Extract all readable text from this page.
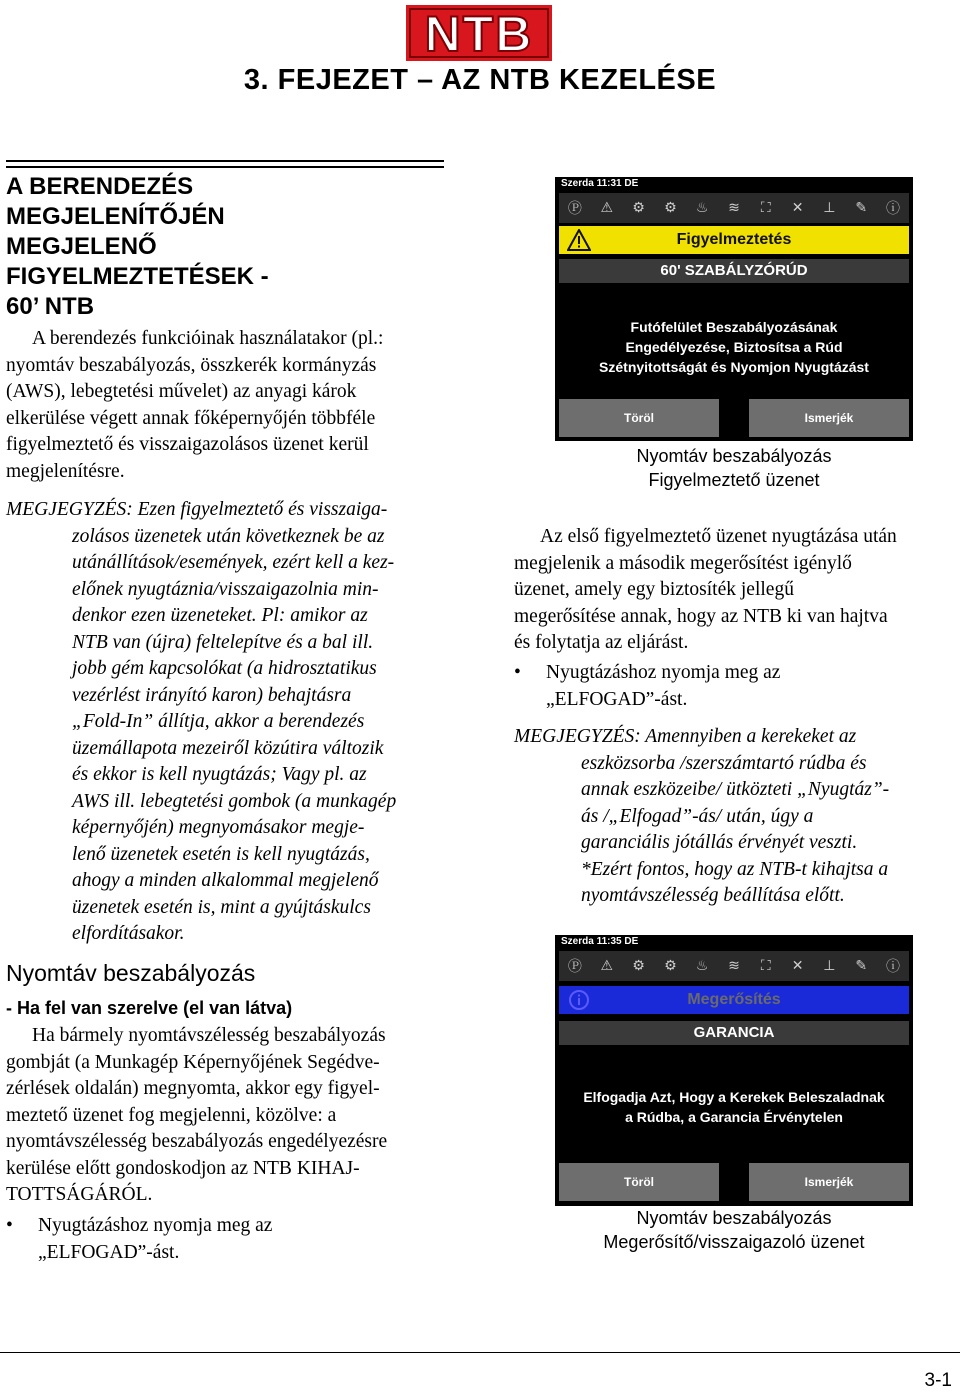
NTB
3. FEJEZET – AZ NTB KEZELÉSE
A BERENDEZÉS
MEGJELENÍTŐJÉN
MEGJELENŐ
FIGYELMEZTETÉSEK -
60’ NTB
A berendezés funkcióinak használatakor (pl.:
nyomtáv beszabályozás, összkerék kormányzás
(AWS), lebegtetési művelet) az anyagi károk
elkerülése végett annak főképernyőjén többféle
figyelmeztető és visszaigazolásos üzenet kerül
megjelenítésre.
MEGJEGYZÉS: Ezen figyelmeztető és visszaiga-
zolásos üzenetek után következnek be az
utánállítások/események, ezért kell a kez-
előnek nyugtáznia/visszaigazolnia min-
denkor ezen üzeneteket. Pl: amikor az
NTB van (újra) feltelepítve és a bal ill.
jobb gém kapcsolókat (a hidrosztatikus
vezérlést irányító karon) behajtásra
„Fold-In” állítja, akkor a berendezés
üzemállapota mezeiről közútira változik
és ekkor is kell nyugtázás; Vagy pl. az
AWS ill. lebegtetési gombok (a munkagép
képernyőjén) megnyomásakor megje-
lenő üzenetek esetén is kell nyugtázás,
ahogy a minden alkalommal megjelenő
üzenetek esetén is, mint a gyújtáskulcs
elfordításakor.
Nyomtáv beszabályozás
- Ha fel van szerelve (el van látva)
Ha bármely nyomtávszélesség beszabályozás
gombját (a Munkagép Képernyőjének Segédve-
zérlések oldalán) megnyomta, akkor egy figyel-
meztető üzenet fog megjelenni, közölve: a
nyomtávszélesség beszabályozás engedélyezésre
kerülése előtt gondoskodjon az NTB KIHAJ-
TOTTSÁGÁRÓL.
• Nyugtázáshoz nyomja meg az
„ELFOGAD”-ást.
Szerda 11:31 DE
Ⓟ	⚠	⚙	⚙	♨	≋	⛶	✕	⊥	✎	ⓘ
Figyelmeztetés
60' SZABÁLYZÓRÚD
Futófelület Beszabályozásának
Engedélyezése, Biztosítsa a Rúd
Szétnyitottságát és Nyomjon Nyugtázást
Töröl	Ismerjék
Nyomtáv beszabályozás
Figyelmeztető üzenet
Az első figyelmeztető üzenet nyugtázása után
megjelenik a második megerősítést igénylő
üzenet, amely egy biztosíték jellegű
megerősítése annak, hogy az NTB ki van hajtva
és folytatja az eljárást.
• Nyugtázáshoz nyomja meg az
„ELFOGAD”-ást.
MEGJEGYZÉS: Amennyiben a kerekeket az
eszközsorba /szerszámtartó rúdba és
annak eszközeibe/ ütközteti „Nyugtáz”-
ás /„Elfogad”-ás/ után, úgy a
garanciális jótállás érvényét veszti.
*Ezért fontos, hogy az NTB-t kihajtsa a
nyomtávszélesség beállítása előtt.
Szerda 11:35 DE
Ⓟ	⚠	⚙	⚙	♨	≋	⛶	✕	⊥	✎	ⓘ
Megerősítés
GARANCIA
Elfogadja Azt, Hogy a Kerekek Beleszaladnak
a Rúdba, a Garancia Érvénytelen
Töröl	Ismerjék
Nyomtáv beszabályozás
Megerősítő/visszaigazoló üzenet
3-1
